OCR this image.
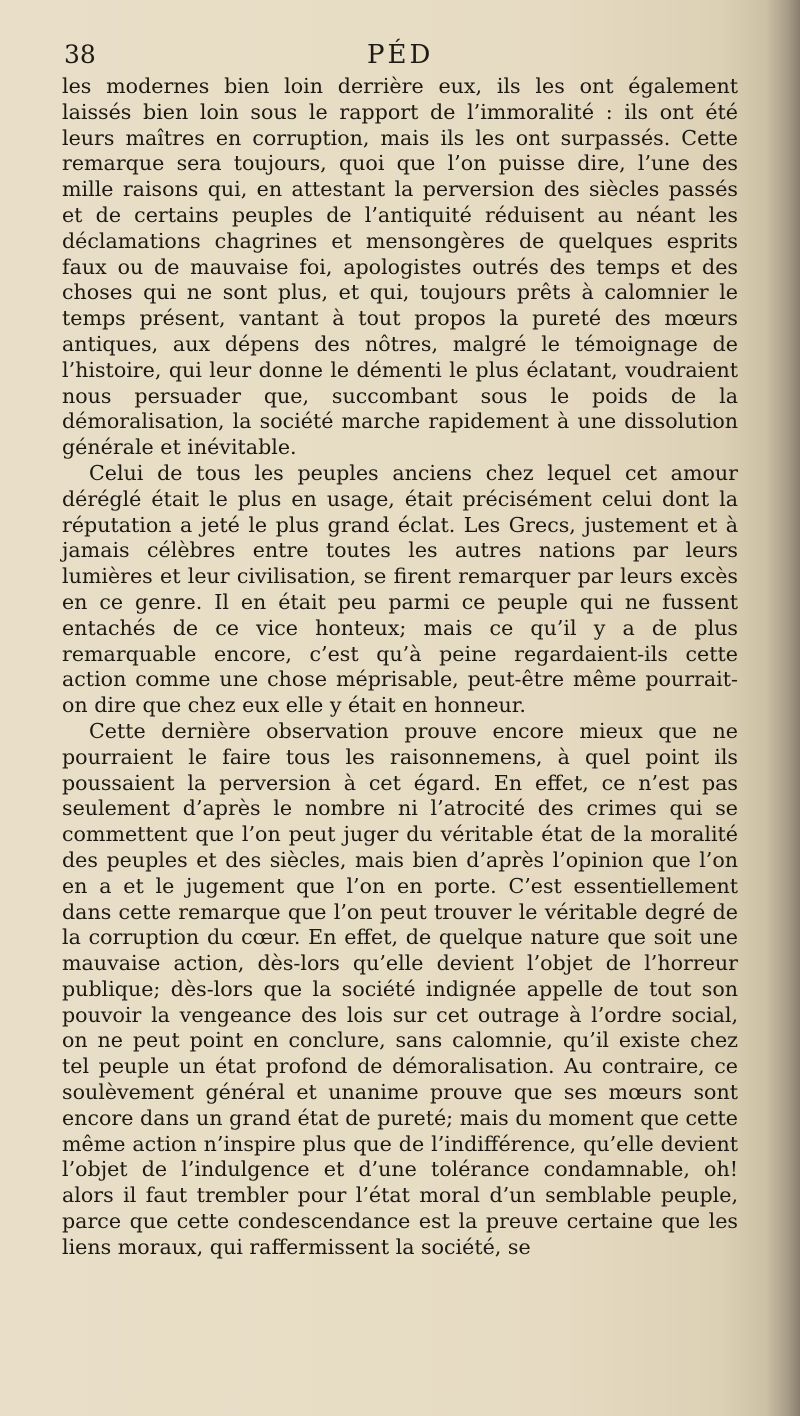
38	PÉD

les modernes bien loin derrière eux, ils les ont également laissés bien loin sous le rapport de l’immoralité : ils ont été leurs maîtres en corruption, mais ils les ont surpassés. Cette remarque sera toujours, quoi que l’on puisse dire, l’une des mille raisons qui, en attestant la perversion des siècles passés et de certains peuples de l’antiquité réduisent au néant les déclamations chagrines et mensongères de quelques esprits faux ou de mauvaise foi, apologistes outrés des temps et des choses qui ne sont plus, et qui, toujours prêts à calomnier le temps présent, vantant à tout propos la pureté des mœurs antiques, aux dépens des nôtres, malgré le témoignage de l’histoire, qui leur donne le démenti le plus éclatant, voudraient nous persuader que, succombant sous le poids de la démoralisation, la société marche rapidement à une dissolution générale et inévitable.

Celui de tous les peuples anciens chez lequel cet amour déréglé était le plus en usage, était précisément celui dont la réputation a jeté le plus grand éclat. Les Grecs, justement et à jamais célèbres entre toutes les autres nations par leurs lumières et leur civilisation, se firent remarquer par leurs excès en ce genre. Il en était peu parmi ce peuple qui ne fussent entachés de ce vice honteux; mais ce qu’il y a de plus remarquable encore, c’est qu’à peine regardaient-ils cette action comme une chose méprisable, peut-être même pourrait-on dire que chez eux elle y était en honneur.

Cette dernière observation prouve encore mieux que ne pourraient le faire tous les raisonnemens, à quel point ils poussaient la perversion à cet égard. En effet, ce n’est pas seulement d’après le nombre ni l’atrocité des crimes qui se commettent que l’on peut juger du véritable état de la moralité des peuples et des siècles, mais bien d’après l’opinion que l’on en a et le jugement que l’on en porte. C’est essentiellement dans cette remarque que l’on peut trouver le véritable degré de la corruption du cœur. En effet, de quelque nature que soit une mauvaise action, dès-lors qu’elle devient l’objet de l’horreur publique; dès-lors que la société indignée appelle de tout son pouvoir la vengeance des lois sur cet outrage à l’ordre social, on ne peut point en conclure, sans calomnie, qu’il existe chez tel peuple un état profond de démoralisation. Au contraire, ce soulèvement général et unanime prouve que ses mœurs sont encore dans un grand état de pureté; mais du moment que cette même action n’inspire plus que de l’indifférence, qu’elle devient l’objet de l’indulgence et d’une tolérance condamnable, oh! alors il faut trembler pour l’état moral d’un semblable peuple, parce que cette condescendance est la preuve certaine que les liens moraux, qui raffermissent la société, se
